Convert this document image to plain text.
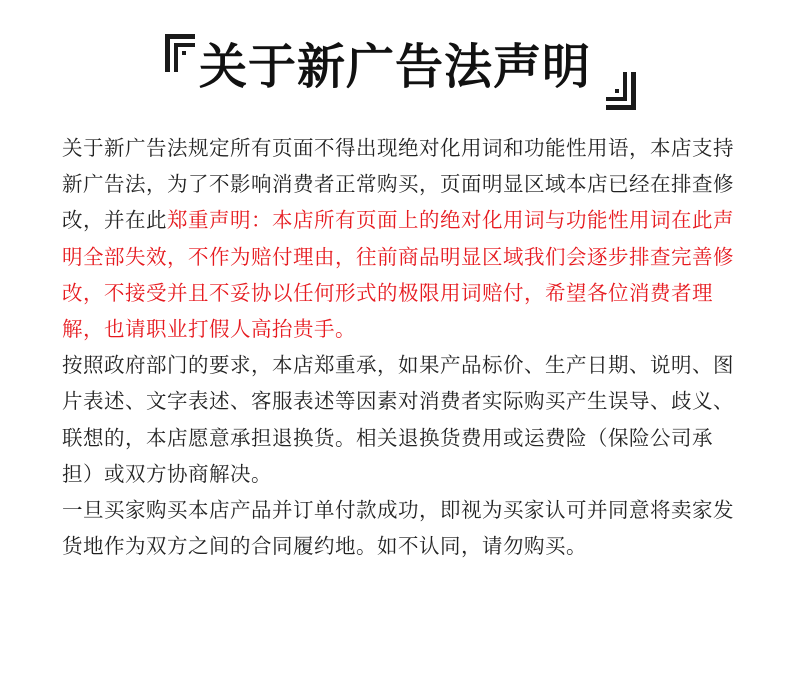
关于新广告法声明

关于新广告法规定所有页面不得出现绝对化用词和功能性用语，本店支持新广告法，为了不影响消费者正常购买，页面明显区域本店已经在排查修改，并在此郑重声明：本店所有页面上的绝对化用词与功能性用词在此声明全部失效，不作为赔付理由，往前商品明显区域我们会逐步排查完善修改，不接受并且不妥协以任何形式的极限用词赔付，希望各位消费者理解，也请职业打假人高抬贵手。

按照政府部门的要求，本店郑重承，如果产品标价、生产日期、说明、图片表述、文字表述、客服表述等因素对消费者实际购买产生误导、歧义、联想的，本店愿意承担退换货。相关退换货费用或运费险（保险公司承担）或双方协商解决。

一旦买家购买本店产品并订单付款成功，即视为买家认可并同意将卖家发货地作为双方之间的合同履约地。如不认同，请勿购买。
